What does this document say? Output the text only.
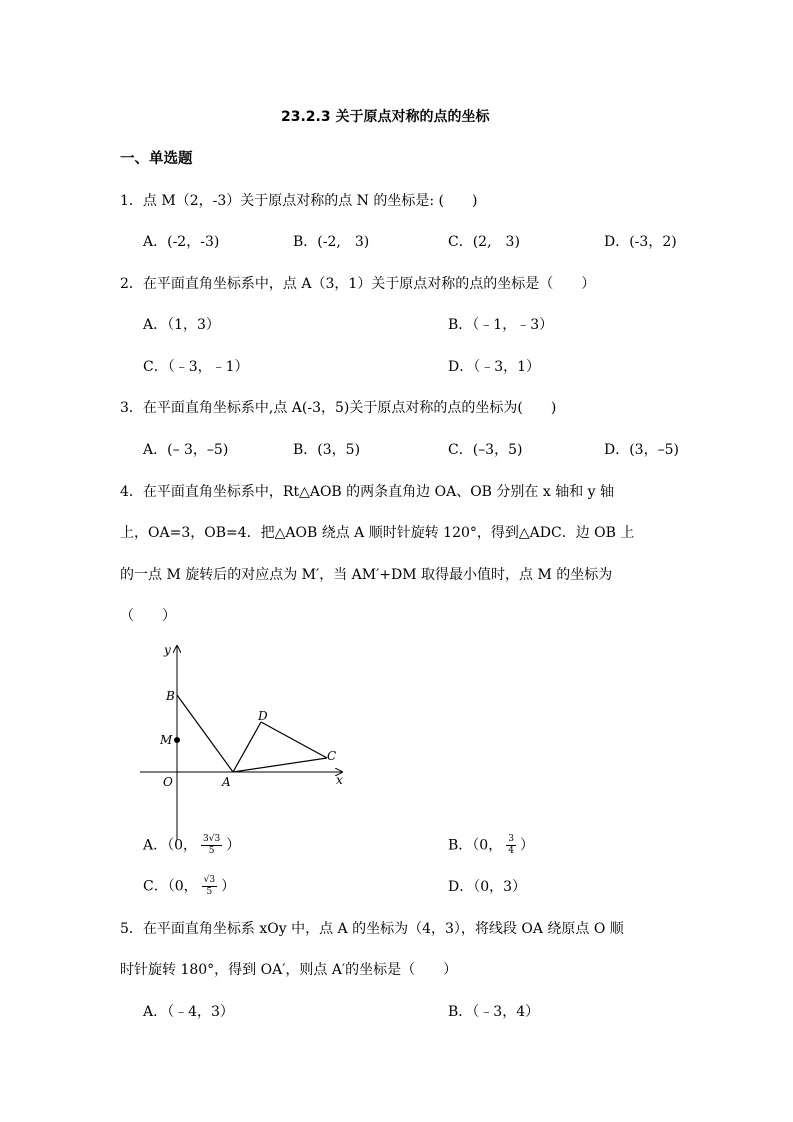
23.2.3 关于原点对称的点的坐标
一、单选题
1．点 M（2，-3）关于原点对称的点 N 的坐标是: (　　)
A．(-2，-3)	B．(-2,　3)	C．(2,　3)	D．(-3，2)
2．在平面直角坐标系中，点 A（3，1）关于原点对称的点的坐标是（　　）
A．（1，3）	B．（﹣1，﹣3）
C．（﹣3，﹣1）	D．（﹣3，1）
3．在平面直角坐标系中,点 A(-3，5)关于原点对称的点的坐标为(　　)
A．(– 3，–5)	B．(3，5)	C．(–3，5)	D．(3，–5)
4．在平面直角坐标系中，Rt△AOB 的两条直角边 OA、OB 分别在 x 轴和 y 轴
上，OA=3，OB=4．把△AOB 绕点 A 顺时针旋转 120°，得到△ADC．边 OB 上
的一点 M 旋转后的对应点为 M′，当 AM′+DM 取得最小值时，点 M 的坐标为
（　　）
y
x
O	A
B
C
D
M
A．（0， $\frac{3√3}{5}$ ）	B．（0， $\frac{3}{4}$ ）
C．（0， $\frac{√3}{5}$ ）	D．（0，3）
5．在平面直角坐标系 xOy 中，点 A 的坐标为（4，3），将线段 OA 绕原点 O 顺
时针旋转 180°，得到 OA′，则点 A′的坐标是（　　）
A．（﹣4，3）	B．（﹣3，4）
